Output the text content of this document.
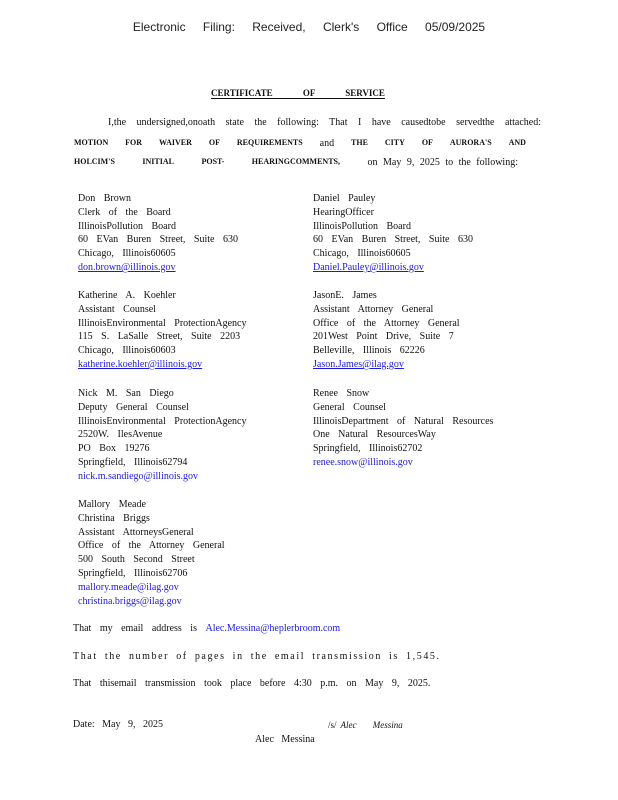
Electronic Filing: Received, Clerk's Office 05/09/2025
CERTIFICATE OF SERVICE
I,the undersigned,onoath state the following: That I have causedtobe servedthe attached:
MOTION FOR WAIVER OF REQUIREMENTS and THE CITY OF AURORA'S AND
HOLCIM'S	INITIAL	POST-	HEARINGCOMMENTS,	on May 9, 2025 to the following:
Don Brown
Clerk of the Board
IllinoisPollution Board
60 EVan Buren Street, Suite 630
Chicago, Illinois60605
don.brown@illinois.gov
Daniel Pauley
HearingOfficer
IllinoisPollution Board
60 EVan Buren Street, Suite 630
Chicago, Illinois60605
Daniel.Pauley@illinois.gov
Katherine A. Koehler
Assistant Counsel
IllinoisEnvironmental ProtectionAgency
115 S. LaSalle Street, Suite 2203
Chicago, Illinois60603
katherine.koehler@illinois.gov
JasonE. James
Assistant Attorney General
Office of the Attorney General
201West Point Drive, Suite 7
Belleville, Illinois 62226
Jason.James@ilag.gov
Nick M. San Diego
Deputy General Counsel
IllinoisEnvironmental ProtectionAgency
2520W. IlesAvenue
PO Box 19276
Springfield, Illinois62794
nick.m.sandiego@illinois.gov
Renee Snow
General Counsel
IllinoisDepartment of Natural Resources
One Natural ResourcesWay
Springfield, Illinois62702
renee.snow@illinois.gov
Mallory Meade
Christina Briggs
Assistant AttorneysGeneral
Office of the Attorney General
500 South Second Street
Springfield, Illinois62706
mallory.meade@ilag.gov
christina.briggs@ilag.gov
That my email address is Alec.Messina@heplerbroom.com
That the number of pages in the email transmission is 1,545.
That thisemail transmission took place before 4:30 p.m. on May 9, 2025.
Date: May 9, 2025	/s/ Alec Messina
Alec Messina
